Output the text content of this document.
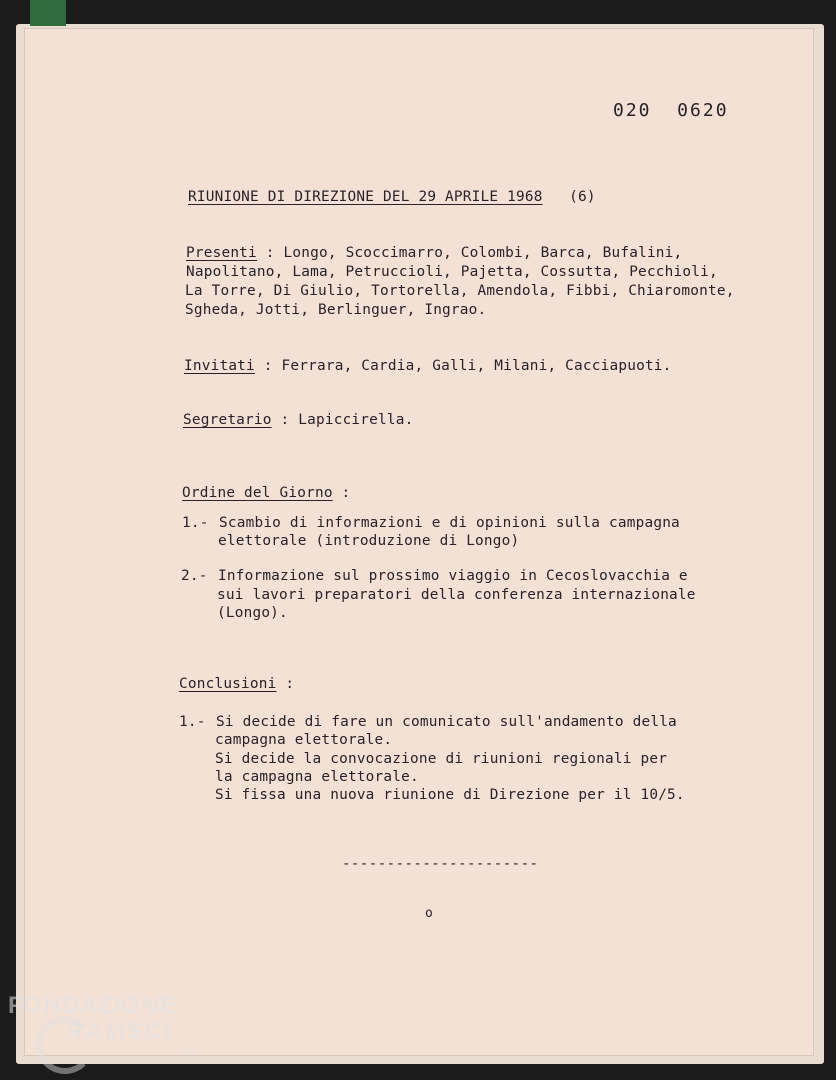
020  0620
RIUNIONE DI DIREZIONE DEL 29 APRILE 1968 (6)
Presenti : Longo, Scoccimarro, Colombi, Barca, Bufalini,
Napolitano, Lama, Petruccioli, Pajetta, Cossutta, Pecchioli,
La Torre, Di Giulio, Tortorella, Amendola, Fibbi, Chiaromonte,
Sgheda, Jotti, Berlinguer, Ingrao.
Invitati : Ferrara, Cardia, Galli, Milani, Cacciapuoti.
Segretario : Lapiccirella.
Ordine del Giorno :
1.- Scambio di informazioni e di opinioni sulla campagna
elettorale (introduzione di Longo)
2.- Informazione sul prossimo viaggio in Cecoslovacchia e
sui lavori preparatori della conferenza internazionale
(Longo).
Conclusioni :
1.- Si decide di fare un comunicato sull'andamento della
campagna elettorale.
Si decide la convocazione di riunioni regionali per
la campagna elettorale.
Si fissa una nuova riunione di Direzione per il 10/5.
----------------------
o
FONDAZIONE
RAMSCI
onlus
